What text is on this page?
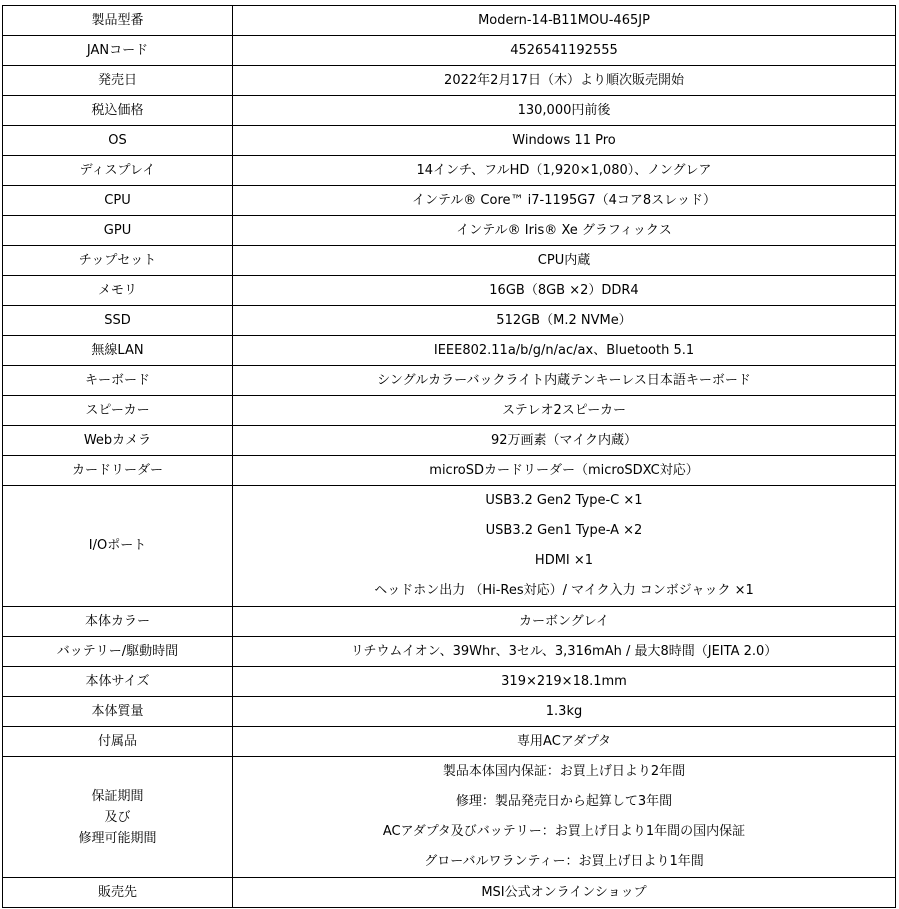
製品型番	Modern-14-B11MOU-465JP
JANコード	4526541192555
発売日	2022年2月17日（木）より順次販売開始
税込価格	130,000円前後
OS	Windows 11 Pro
ディスプレイ	14インチ、フルHD（1,920×1,080）、ノングレア
CPU	インテル® Core™ i7-1195G7（4コア8スレッド）
GPU	インテル® Iris® Xe グラフィックス
チップセット	CPU内蔵
メモリ	16GB（8GB ×2）DDR4
SSD	512GB（M.2 NVMe）
無線LAN	IEEE802.11a/b/g/n/ac/ax、Bluetooth 5.1
キーボード	シングルカラーバックライト内蔵テンキーレス日本語キーボード
スピーカー	ステレオ2スピーカー
Webカメラ	92万画素（マイク内蔵）
カードリーダー	microSDカードリーダー（microSDXC対応）
I/Oポート	USB3.2 Gen2 Type-C ×1
USB3.2 Gen1 Type-A ×2
HDMI ×1
ヘッドホン出力 （Hi-Res対応）/ マイク入力 コンボジャック ×1

本体カラー	カーボングレイ
バッテリー/駆動時間	リチウムイオン、39Whr、3セル、3,316mAh / 最大8時間（JEITA 2.0）
本体サイズ	319×219×18.1mm
本体質量	1.3kg
付属品	専用ACアダプタ

保証期間
及び
修理可能期間	製品本体国内保証：お買上げ日より2年間
修理：製品発売日から起算して3年間
ACアダプタ及びバッテリー：お買上げ日より1年間の国内保証
グローバルワランティー：お買上げ日より1年間

販売先	MSI公式オンラインショップ
